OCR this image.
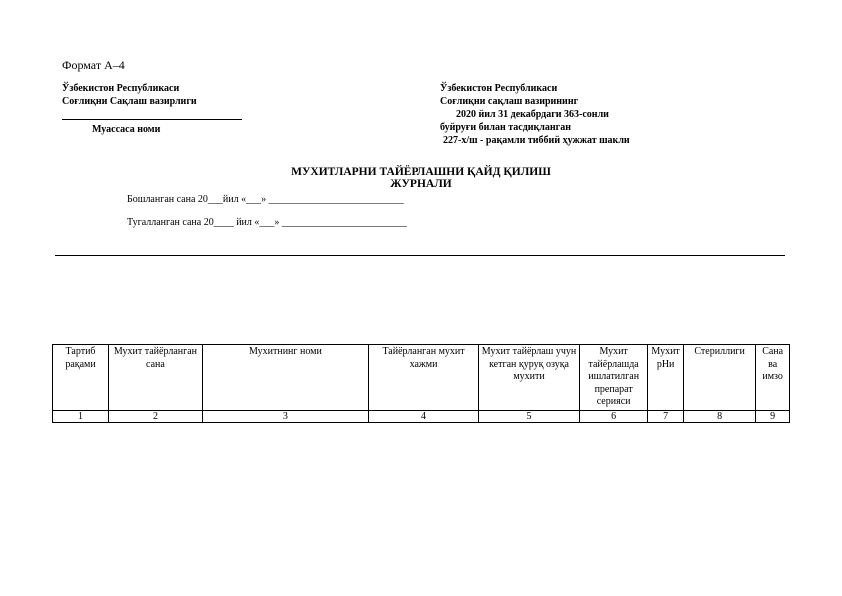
Формат А–4
Ўзбекистон Республикаси
Соғлиқни Сақлаш вазирлиги
Муассаса номи
Ўзбекистон Республикаси
Соғлиқни сақлаш вазирининг
2020 йил 31 декабрдаги 363-сонли
буйруғи билан тасдиқланган
227-х/ш - рақамли тиббий ҳужжат шакли
МУХИТЛАРНИ ТАЙЁРЛАШНИ ҚАЙД ҚИЛИШ
ЖУРНАЛИ
Бошланган сана 20___йил «___» ___________________________
Тугалланган сана 20____ йил «___» _________________________
Тартиб рақами	Мухит тайёрланган сана	Мухитнинг номи	Тайёрланган мухит хажми	Мухит тайёрлаш учун кетган қуруқ озуқа мухити	Мухит тайёрлашда ишлатилган препарат серияси	Мухит pHи	Стериллиги	Сана ва имзо
1	2	3	4	5	6	7	8	9
